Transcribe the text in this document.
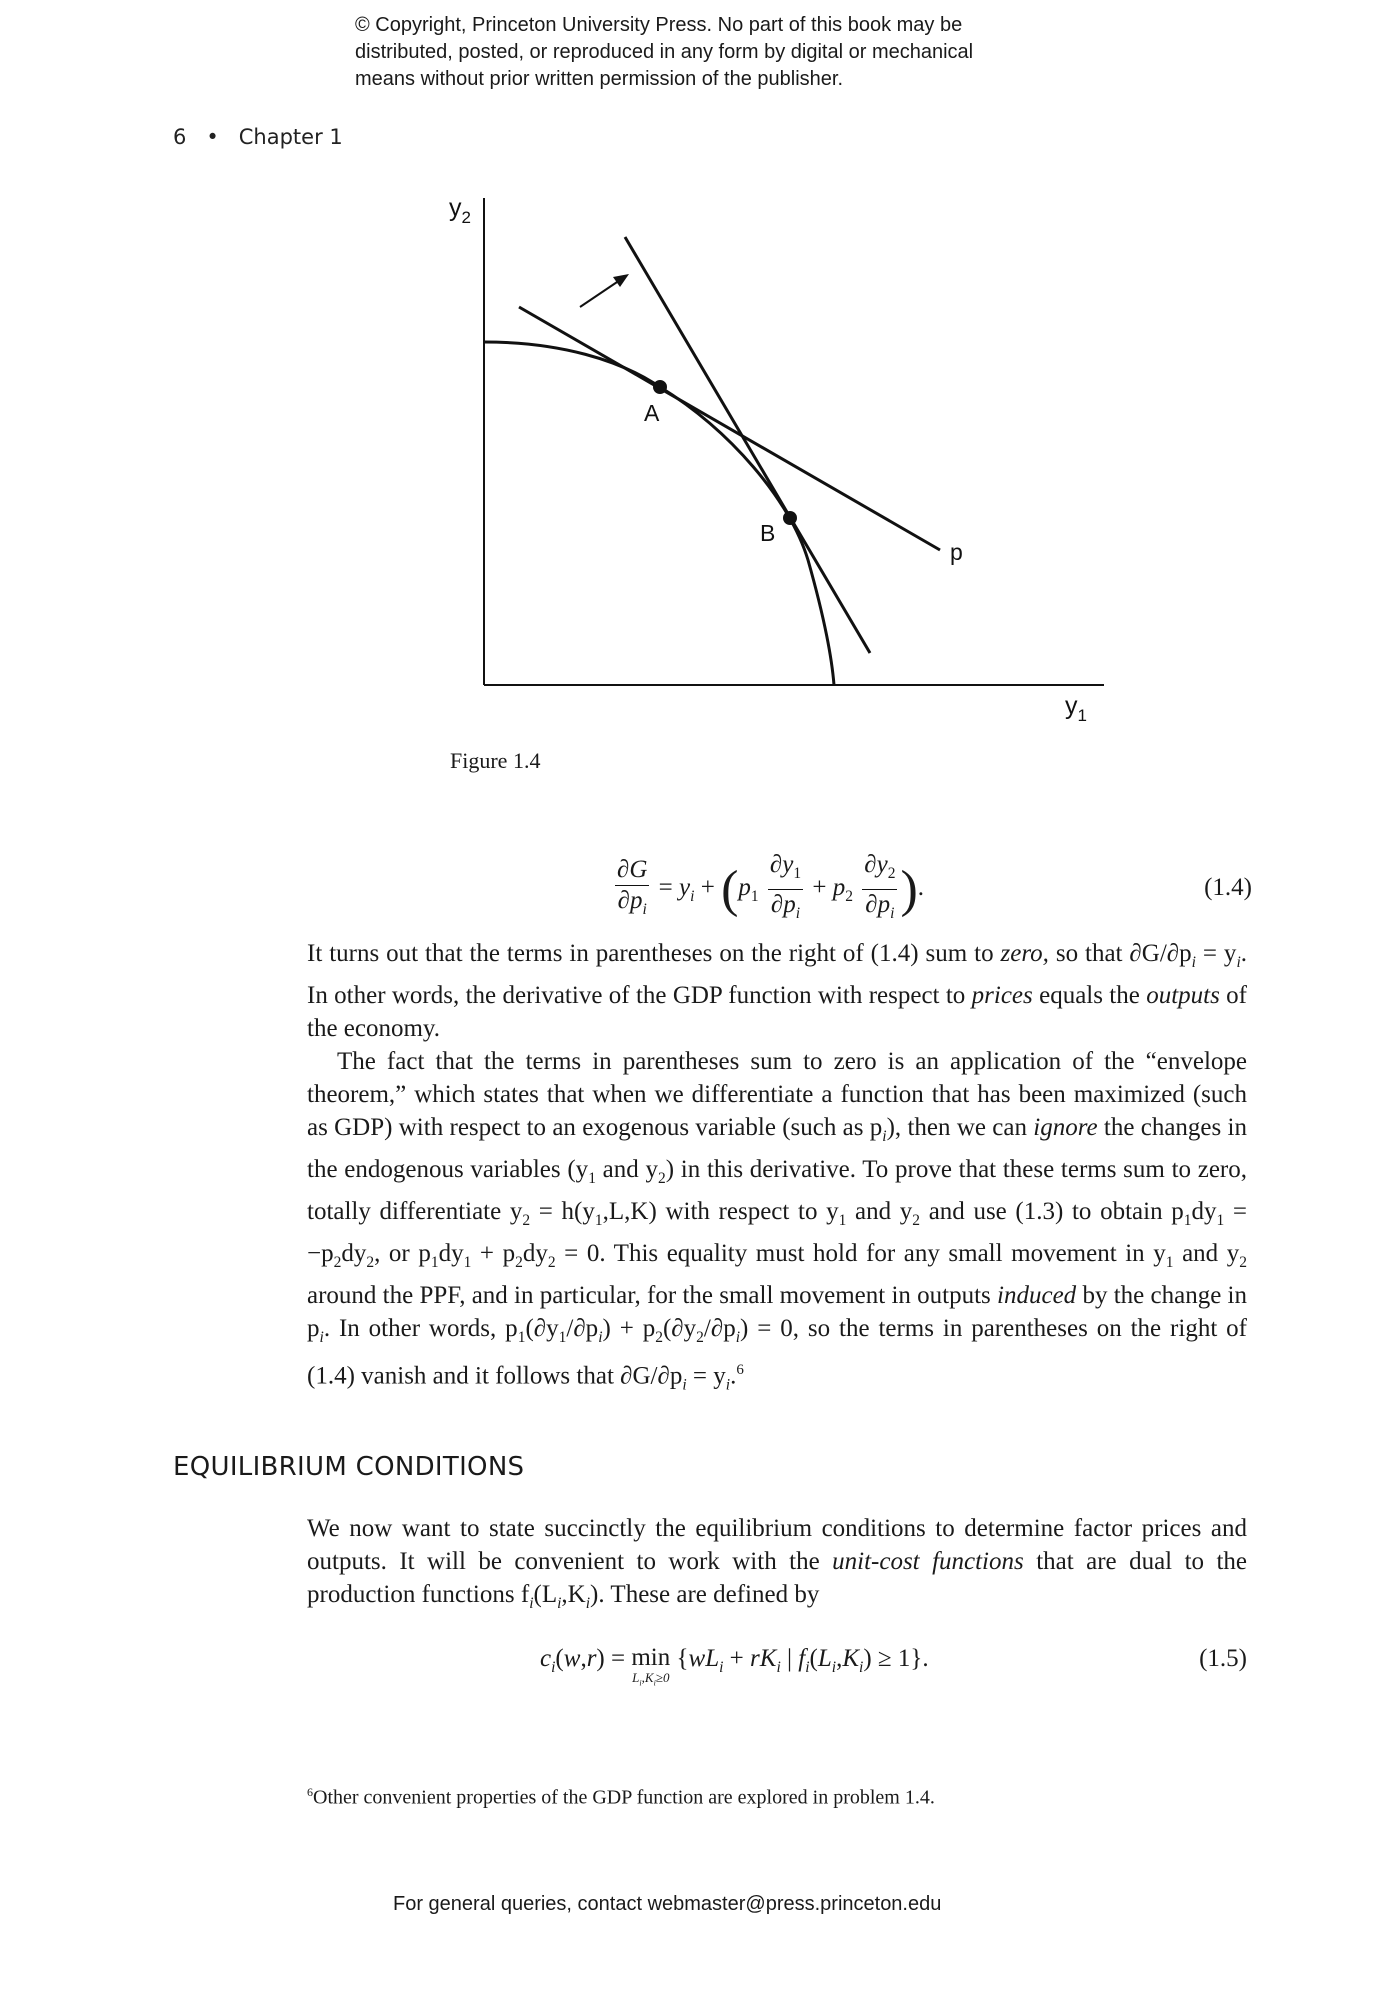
© Copyright, Princeton University Press. No part of this book may be
distributed, posted, or reproduced in any form by digital or mechanical
means without prior written permission of the publisher.
6 • Chapter 1
$y_2$
$y_1$
A
B
p
Figure 1.4
$\frac{\partial G}{\partial p_i} = y_i + (p_1 \frac{\partial y_1}{\partial p_i} + p_2 \frac{\partial y_2}{\partial p_i}$ ).	(1.4)

It turns out that the terms in parentheses on the right of (1.4) sum to zero, so that $\partial G/\partial p_i = y_i$. In other words, the derivative of the GDP function with respect to prices equals the outputs of the economy.

The fact that the terms in parentheses sum to zero is an application of the “envelope theorem,” which states that when we differentiate a function that has been maximized (such as GDP) with respect to an exogenous variable (such as $p_i$), then we can ignore the changes in the endogenous variables ($y_1$ and $y_2$) in this derivative. To prove that these terms sum to zero, totally differentiate $y_2 = h(y_1,L,K)$ with respect to $y_1$ and $y_2$ and use (1.3) to obtain $p_1dy_1 = -p_2dy_2$, or $p_1dy_1 + p_2dy_2 = 0$. This equality must hold for any small movement in $y_1$ and $y_2$ around the PPF, and in particular, for the small movement in outputs induced by the change in $p_i$. In other words, $p_1(\partial y_1/\partial p_i) + p_2(\partial y_2/\partial p_i) = 0$, so the terms in parentheses on the right of (1.4) vanish and it follows that $\partial G/\partial p_i = y_i.^6$

EQUILIBRIUM CONDITIONS

We now want to state succinctly the equilibrium conditions to determine factor prices and outputs. It will be convenient to work with the unit-cost functions that are dual to the production functions $f_i(L_i,K_i)$. These are defined by

$c_i(w,r) = \min$
$L_i,K_i\ge 0$
{$wL_i + rK_i$ | $f_i(L_i,K_i) \ge 1$}.	(1.5)
$^6$Other convenient properties of the GDP function are explored in problem 1.4.
For general queries, contact webmaster@press.princeton.edu
